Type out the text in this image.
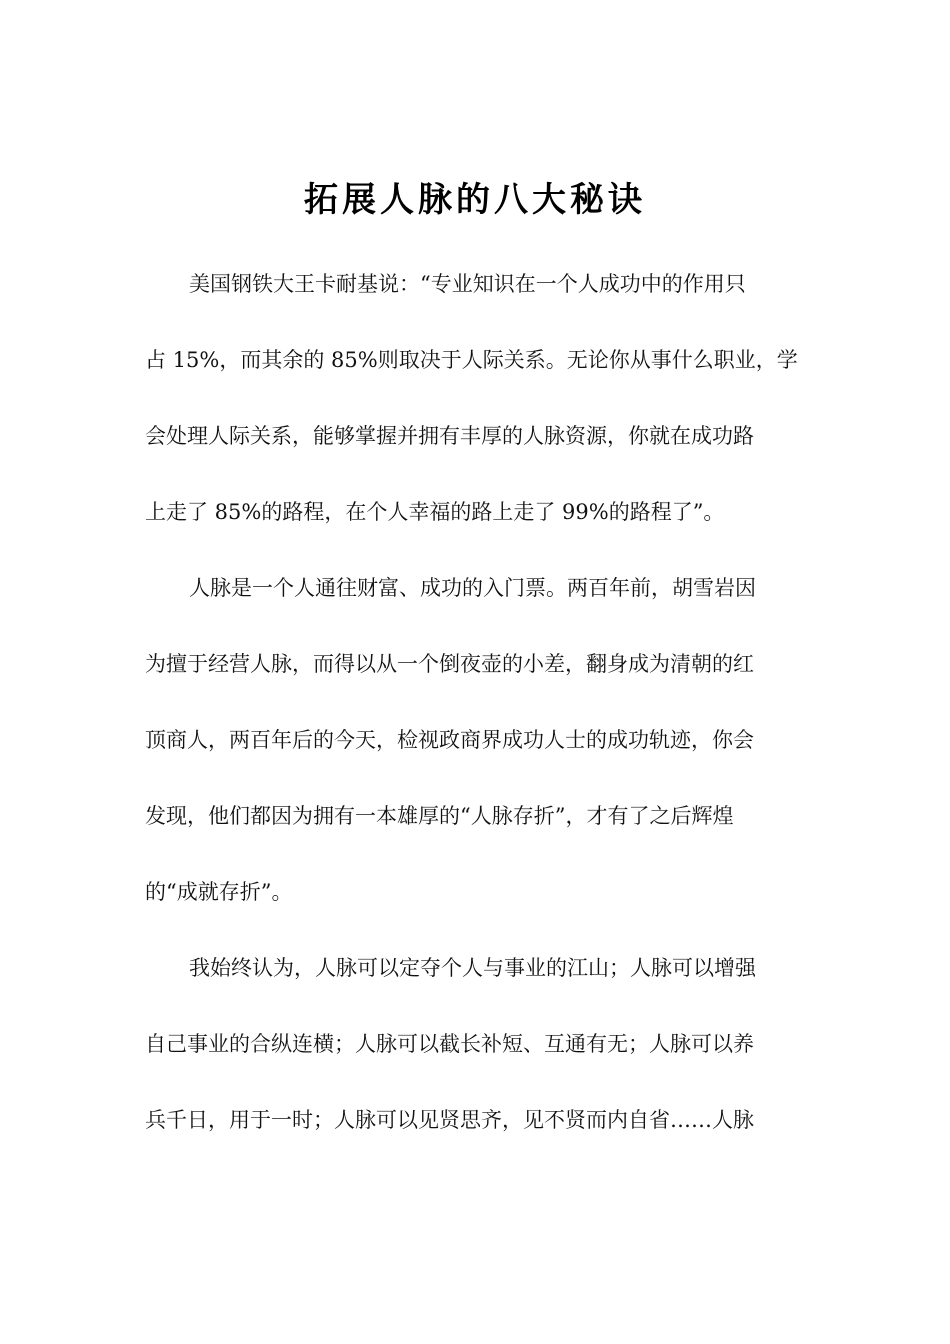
拓展人脉的八大秘诀
美国钢铁大王卡耐基说：“专业知识在一个人成功中的作用只
占 15%，而其余的 85%则取决于人际关系。无论你从事什么职业，学
会处理人际关系，能够掌握并拥有丰厚的人脉资源，你就在成功路
上走了 85%的路程，在个人幸福的路上走了 99%的路程了”。
人脉是一个人通往财富、成功的入门票。两百年前，胡雪岩因
为擅于经营人脉，而得以从一个倒夜壶的小差，翻身成为清朝的红
顶商人，两百年后的今天，检视政商界成功人士的成功轨迹，你会
发现，他们都因为拥有一本雄厚的“人脉存折”，才有了之后辉煌
的“成就存折”。
我始终认为，人脉可以定夺个人与事业的江山；人脉可以增强
自己事业的合纵连横；人脉可以截长补短、互通有无；人脉可以养
兵千日，用于一时；人脉可以见贤思齐，见不贤而内自省……人脉
